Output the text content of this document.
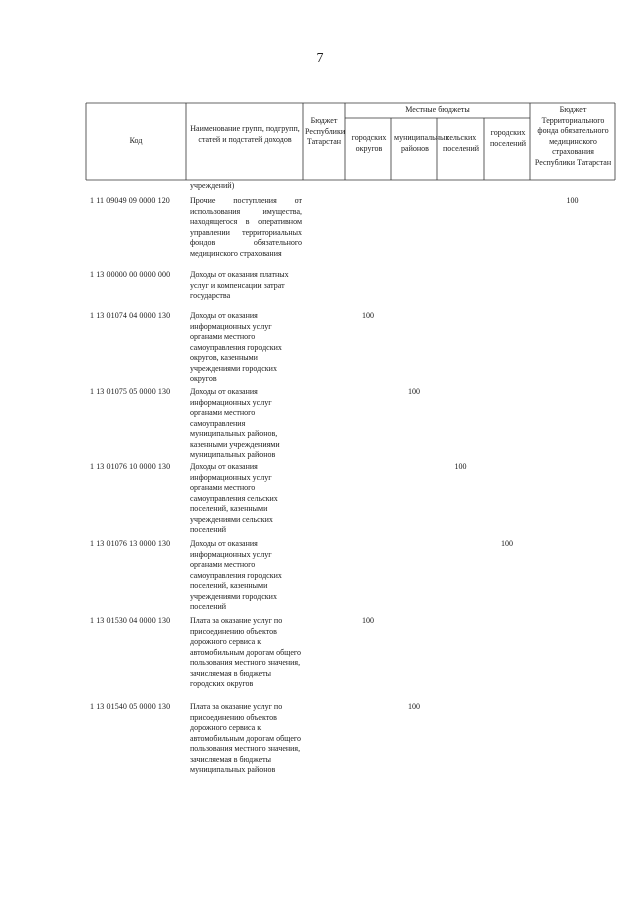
7
Код
Наименование групп, подгрупп, статей и подстатей доходов
Бюджет Республики Татарстан
Местные бюджеты
городских округов
муниципальных районов
сельских поселений
городских поселений
Бюджет Территориального фонда обязательного медицинского страхования Республики Татарстан
учреждений)
1 11 09049 09 0000 120	Прочие поступления от использования имущества, находящегося в оперативном управлении территориальных фондов обязательного медицинского страхования
100
1 13 00000 00 0000 000 Доходы от оказания платных услуг и компенсации затрат государства
1 13 01074 04 0000 130 Доходы от оказания информационных услуг органами местного самоуправления городских округов, казенными учреждениями городских округов
100
1 13 01075 05 0000 130 Доходы от оказания информационных услуг органами местного самоуправления муниципальных районов, казенными учреждениями муниципальных районов
100
1 13 01076 10 0000 130 Доходы от оказания информационных услуг органами местного самоуправления сельских поселений, казенными учреждениями сельских поселений
100
1 13 01076 13 0000 130 Доходы от оказания информационных услуг органами местного самоуправления городских поселений, казенными учреждениями городских поселений
100
1 13 01530 04 0000 130 Плата за оказание услуг по присоединению объектов дорожного сервиса к автомобильным дорогам общего пользования местного значения, зачисляемая в бюджеты городских округов
100
1 13 01540 05 0000 130 Плата за оказание услуг по присоединению объектов дорожного сервиса к автомобильным дорогам общего пользования местного значения, зачисляемая в бюджеты муниципальных районов
100
